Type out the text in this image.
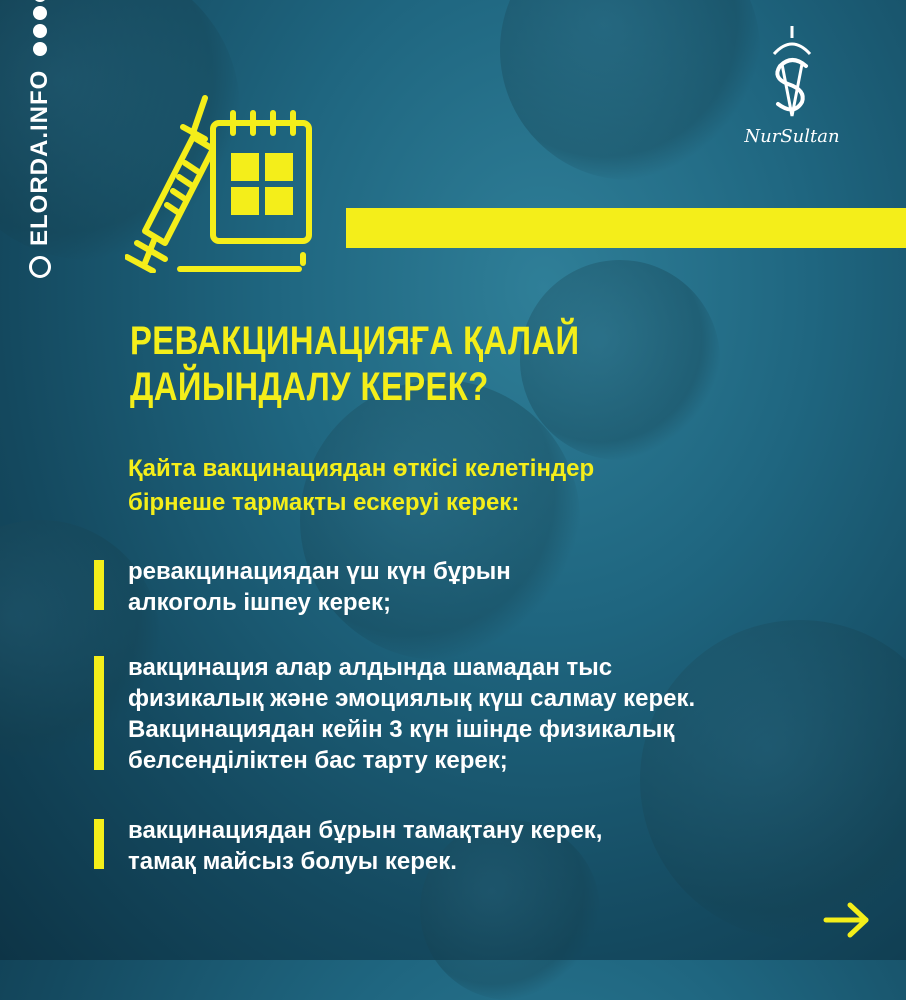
ELORDA.INFO	NurSultan
РЕВАКЦИНАЦИЯҒА ҚАЛАЙ
ДАЙЫНДАЛУ КЕРЕК?

Қайта вакцинациядан өткісі келетіндер
бірнеше тармақты ескеруі керек:

ревакцинациядан үш күн бұрын
алкоголь ішпеу керек;
вакцинация алар алдында шамадан тыс
физикалық және эмоциялық күш салмау керек.
Вакцинациядан кейін 3 күн ішінде физикалық
белсенділіктен бас тарту керек;
вакцинациядан бұрын тамақтану керек,
тамақ майсыз болуы керек.
